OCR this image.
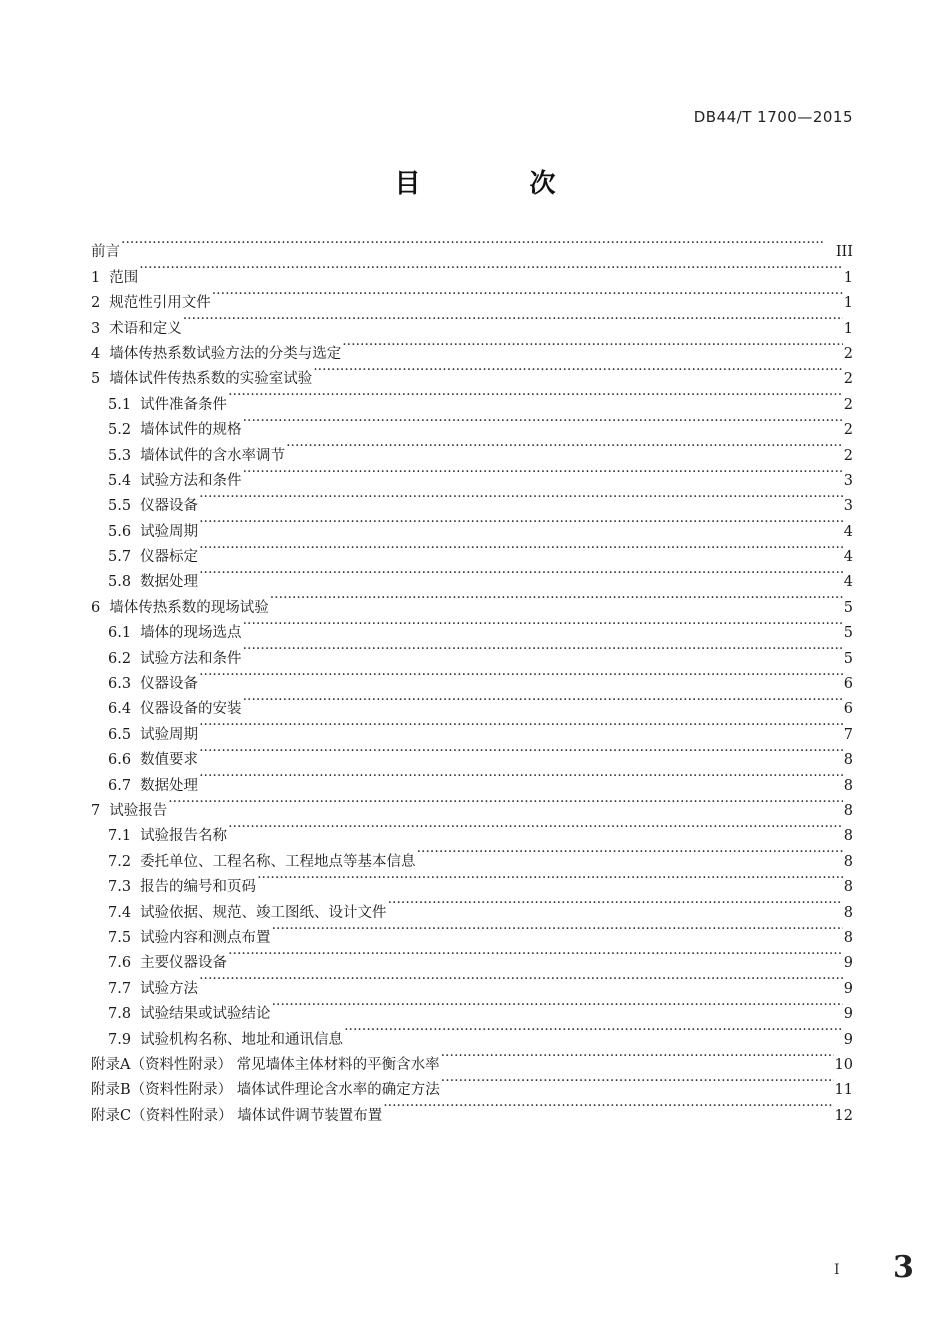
DB44/T 1700—2015
目 次
前言 ·····	III
1 范围 ·····	1
2 规范性引用文件 ·····	1
3 术语和定义 ·····	1
4 墙体传热系数试验方法的分类与选定 ·····	2
5 墙体试件传热系数的实验室试验 ·····	2
5.1 试件准备条件 ·····	2
5.2 墙体试件的规格 ·····	2
5.3 墙体试件的含水率调节 ·····	2
5.4 试验方法和条件 ·····	3
5.5 仪器设备 ·····	3
5.6 试验周期 ·····	4
5.7 仪器标定 ·····	4
5.8 数据处理 ·····	4
6 墙体传热系数的现场试验 ·····	5
6.1 墙体的现场选点 ·····	5
6.2 试验方法和条件 ·····	5
6.3 仪器设备 ·····	6
6.4 仪器设备的安装 ·····	6
6.5 试验周期 ·····	7
6.6 数值要求 ·····	8
6.7 数据处理 ·····	8
7 试验报告 ·····	8
7.1 试验报告名称 ·····	8
7.2 委托单位、工程名称、工程地点等基本信息 ·····	8
7.3 报告的编号和页码 ·····	8
7.4 试验依据、规范、竣工图纸、设计文件 ·····	8
7.5 试验内容和测点布置 ·····	8
7.6 主要仪器设备 ·····	9
7.7 试验方法 ·····	9
7.8 试验结果或试验结论 ·····	9
7.9 试验机构名称、地址和通讯信息 ·····	9
附录A（资料性附录） 常见墙体主体材料的平衡含水率 ·····	10
附录B（资料性附录） 墙体试件理论含水率的确定方法 ·····	11
附录C（资料性附录） 墙体试件调节装置布置 ·····	12
I 3
